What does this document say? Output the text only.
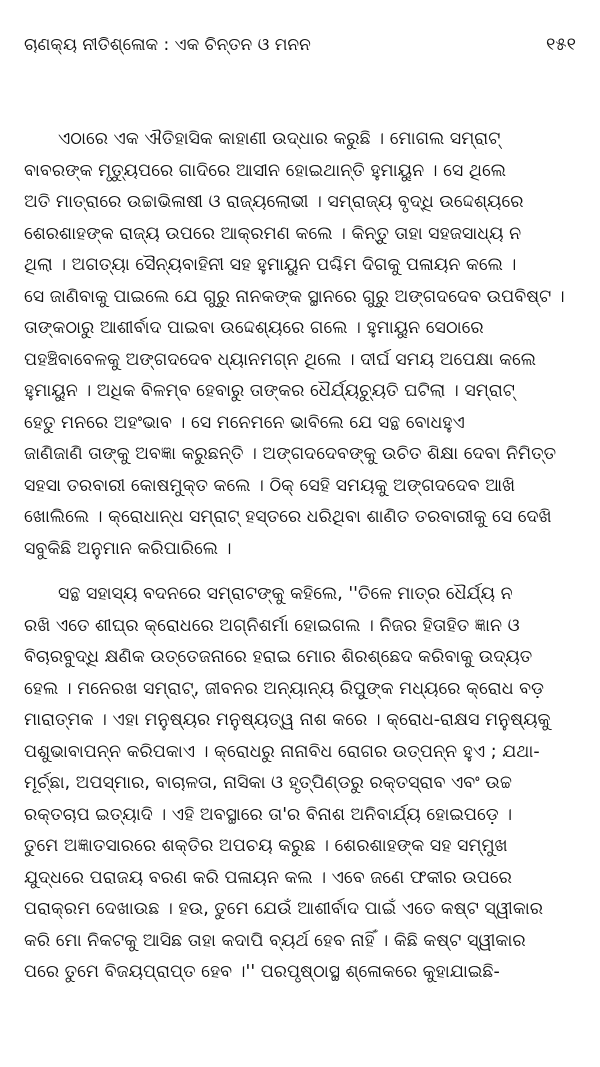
ଚାଣକ୍ୟ ନୀତିଶ୍ଳୋକ : ଏକ ଚିନ୍ତନ ଓ ମନନ	୧୫୧

ଏଠାରେ ଏକ ଐତିହାସିକ କାହାଣୀ ଉଦ୍ଧାର କରୁଛି । ମୋଗଲ ସମ୍ରାଟ୍
ବାବରଙ୍କ ମୃତ୍ୟୁପରେ ଗାଦିରେ ଆସୀନ ହୋଇଥାନ୍ତି ହୁମାୟୁନ । ସେ ଥିଲେ
ଅତି ମାତ୍ରାରେ ଉଚ୍ଚାଭିଳାଷୀ ଓ ରାଜ୍ୟଲୋଭୀ । ସମ୍ରାଜ୍ୟ ବୃଦ୍ଧି ଉଦ୍ଦେଶ୍ୟରେ
ଶେରଶାହଙ୍କ ରାଜ୍ୟ ଉପରେ ଆକ୍ରମଣ କଲେ । କିନ୍ତୁ ତାହା ସହଜସାଧ୍ୟ ନ
ଥିଲା । ଅଗତ୍ୟା ସୈନ୍ୟବାହିନୀ ସହ ହୁମାୟୁନ ପଶ୍ଚିମ ଦିଗକୁ ପଳାୟନ କଲେ ।
ସେ ଜାଣିବାକୁ ପାଇଲେ ଯେ ଗୁରୁ ନାନକଙ୍କ ସ୍ଥାନରେ ଗୁରୁ ଅଙ୍ଗଦଦେବ ଉପବିଷ୍ଟ ।
ତାଙ୍କଠାରୁ ଆଶୀର୍ବାଦ ପାଇବା ଉଦ୍ଦେଶ୍ୟରେ ଗଲେ । ହୁମାୟୁନ ସେଠାରେ
ପହଞ୍ଚିବାବେଳକୁ ଅଙ୍ଗଦଦେବ ଧ୍ୟାନମଗ୍ନ ଥିଲେ । ଦୀର୍ଘ ସମୟ ଅପେକ୍ଷା କଲେ
ହୁମାୟୁନ । ଅଧିକ ବିଳମ୍ବ ହେବାରୁ ତାଙ୍କର ଧୈର୍ଯ୍ୟଚ୍ୟୁତି ଘଟିଲା । ସମ୍ରାଟ୍
ହେତୁ ମନରେ ଅହଂଭାବ । ସେ ମନେମନେ ଭାବିଲେ ଯେ ସନ୍ଥ ବୋଧହୁଏ
ଜାଣିଜାଣି ତାଙ୍କୁ ଅବଜ୍ଞା କରୁଛନ୍ତି । ଅଙ୍ଗଦଦେବଙ୍କୁ ଉଚିତ ଶିକ୍ଷା ଦେବା ନିମିତ୍ତ
ସହସା ତରବାରୀ କୋଷମୁକ୍ତ କଲେ । ଠିକ୍ ସେହି ସମୟକୁ ଅଙ୍ଗଦଦେବ ଆଖି
ଖୋଲିଲେ । କ୍ରୋଧାନ୍ଧ ସମ୍ରାଟ୍ ହସ୍ତରେ ଧରିଥିବା ଶାଣିତ ତରବାରୀକୁ ସେ ଦେଖି
ସବୁକିଛି ଅନୁମାନ କରିପାରିଲେ ।

ସନ୍ଥ ସହାସ୍ୟ ବଦନରେ ସମ୍ରାଟଙ୍କୁ କହିଲେ, ''ତିଳେ ମାତ୍ର ଧୈର୍ଯ୍ୟ ନ
ରଖି ଏତେ ଶୀଘ୍ର କ୍ରୋଧରେ ଅଗ୍ନିଶର୍ମା ହୋଇଗଲ । ନିଜର ହିତାହିତ ଜ୍ଞାନ ଓ
ବିଚାରବୁଦ୍ଧି କ୍ଷଣିକ ଉତ୍ତେଜନାରେ ହରାଇ ମୋର ଶିରଶ୍ଛେଦ କରିବାକୁ ଉଦ୍ୟତ
ହେଲ । ମନେରଖ ସମ୍ରାଟ୍, ଜୀବନର ଅନ୍ୟାନ୍ୟ ରିପୁଙ୍କ ମଧ୍ୟରେ କ୍ରୋଧ ବଡ଼
ମାରାତ୍ମକ । ଏହା ମନୁଷ୍ୟର ମନୁଷ୍ୟତ୍ୱ ନାଶ କରେ । କ୍ରୋଧ-ରାକ୍ଷସ ମନୁଷ୍ୟକୁ
ପଶୁଭାବାପନ୍ନ କରିପକାଏ । କ୍ରୋଧରୁ ନାନାବିଧ ରୋଗର ଉତ୍ପନ୍ନ ହୁଏ ; ଯଥା-
ମୂର୍ଚ୍ଛା, ଅପସ୍ମାର, ବାଚାଳତା, ନାସିକା ଓ ହୃତ୍ପିଣ୍ଡରୁ ରକ୍ତସ୍ରାବ ଏବଂ ଉଚ୍ଚ
ରକ୍ତଚାପ ଇତ୍ୟାଦି । ଏହି ଅବସ୍ଥାରେ ତା'ର ବିନାଶ ଅନିବାର୍ଯ୍ୟ ହୋଇପଡ଼େ ।
ତୁମେ ଅଜ୍ଞାତସାରରେ ଶକ୍ତିର ଅପଚୟ କରୁଛ । ଶେରଶାହଙ୍କ ସହ ସମ୍ମୁଖ
ଯୁଦ୍ଧରେ ପରାଜୟ ବରଣ କରି ପଳାୟନ କଲ । ଏବେ ଜଣେ ଫକୀର ଉପରେ
ପରାକ୍ରମ ଦେଖାଉଛ । ହଉ, ତୁମେ ଯେଉଁ ଆଶୀର୍ବାଦ ପାଇଁ ଏତେ କଷ୍ଟ ସ୍ୱୀକାର
କରି ମୋ ନିକଟକୁ ଆସିଛ ତାହା କଦାପି ବ୍ୟର୍ଥ ହେବ ନାହିଁ । କିଛି କଷ୍ଟ ସ୍ୱୀକାର
ପରେ ତୁମେ ବିଜୟପ୍ରାପ୍ତ ହେବ ।'' ପରପୃଷ୍ଠାସ୍ଥ ଶ୍ଳୋକରେ କୁହାଯାଇଛି-
